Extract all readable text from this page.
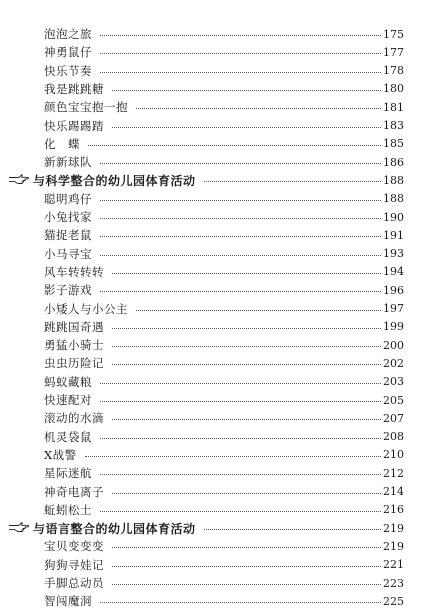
泡泡之旅	175
神勇鼠仔	177
快乐节奏	178
我是跳跳糖	180
颜色宝宝抱一抱	181
快乐踢踢踏	183
化　蝶	185
新新球队	186
与科学整合的幼儿园体育活动	188
聪明鸡仔	188
小兔找家	190
猫捉老鼠	191
小马寻宝	193
风车转转转	194
影子游戏	196
小矮人与小公主	197
跳跳国奇遇	199
勇猛小骑士	200
虫虫历险记	202
蚂蚁藏粮	203
快速配对	205
滚动的水滴	207
机灵袋鼠	208
X战警	210
星际迷航	212
神奇电离子	214
蚯蚓松土	216
与语言整合的幼儿园体育活动	219
宝贝变变变	219
狗狗寻娃记	221
手脚总动员	223
智闯魔洞	225
